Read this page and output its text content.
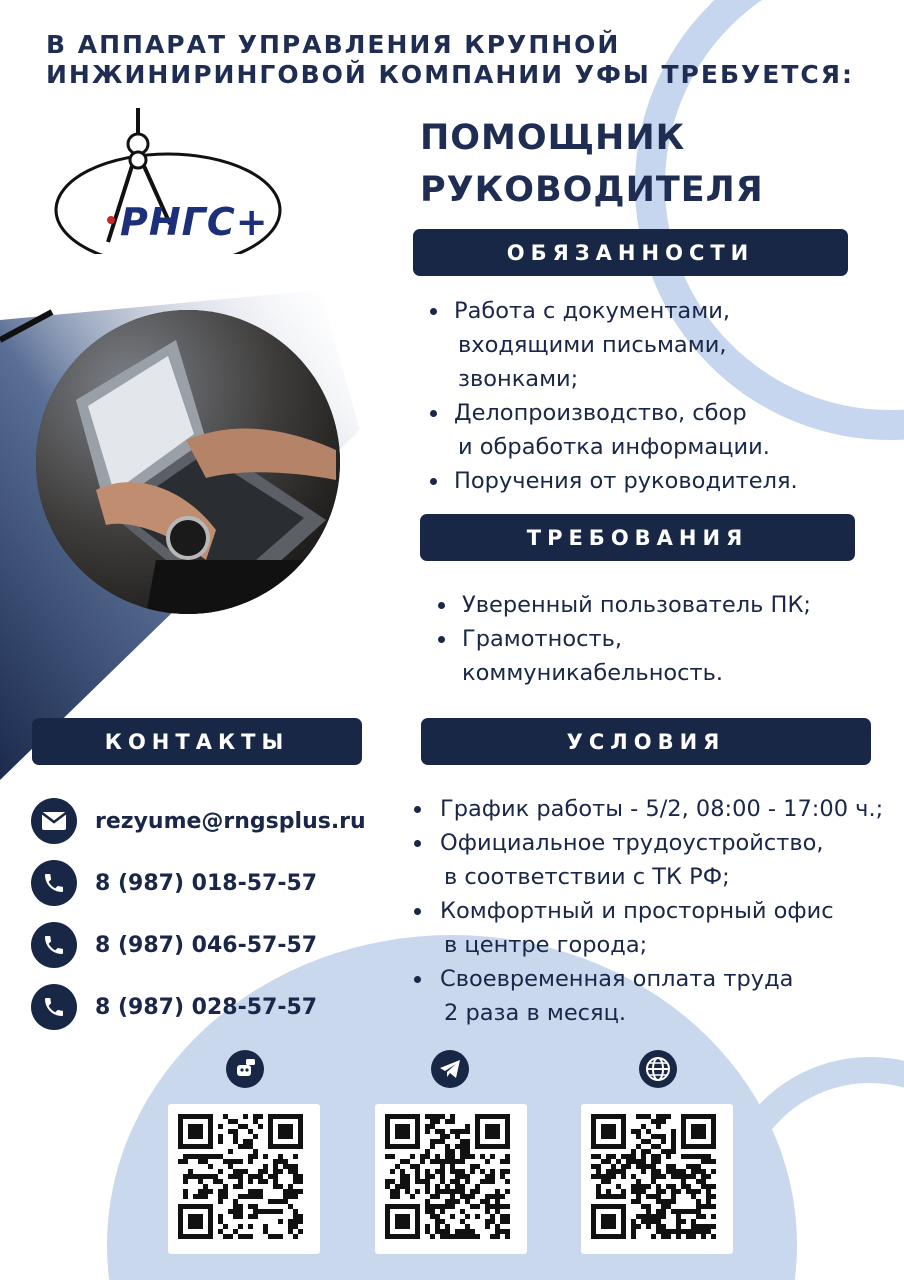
В АППАРАТ УПРАВЛЕНИЯ КРУПНОЙ
ИНЖИНИРИНГОВОЙ КОМПАНИИ УФЫ ТРЕБУЕТСЯ:
РНГС+
ПОМОЩНИК
РУКОВОДИТЕЛЯ
ОБЯЗАННОСТИ
Работа с документами,

входящими письмами,
звонками;
Делопроизводство, сбор

и обработка информации.
Поручения от руководителя.
ТРЕБОВАНИЯ
Уверенный пользователь ПК;
Грамотность,
коммуникабельность.
КОНТАКТЫ
rezyume@rngsplus.ru
8 (987) 018-57-57
8 (987) 046-57-57
8 (987) 028-57-57
УСЛОВИЯ
График работы - 5/2, 08:00 - 17:00 ч.;
Официальное трудоустройство,

в соответствии с ТК РФ;
Комфортный и просторный офис

в центре города;
Своевременная оплата труда

2 раза в месяц.
